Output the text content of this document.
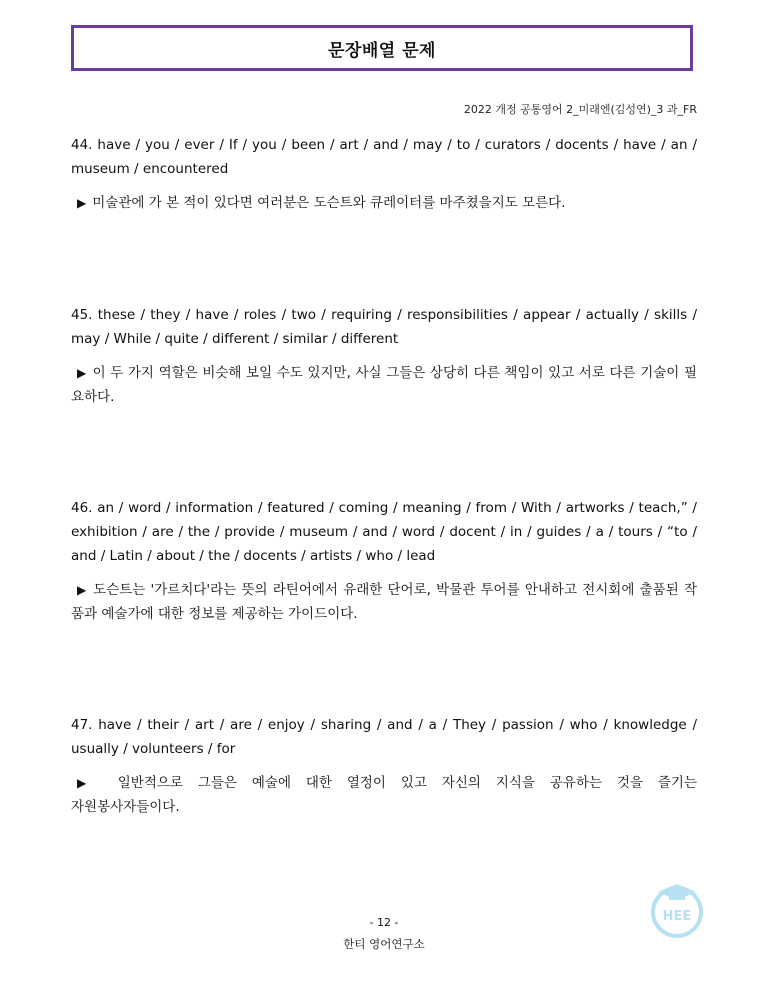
문장배열 문제
2022 개정 공통영어 2_미래엔(김성연)_3 과_FR

44. have / you / ever / If / you / been / art / and / may / to / curators / docents / have / an / museum / encountered

▶ 미술관에 가 본 적이 있다면 여러분은 도슨트와 큐레이터를 마주쳤을지도 모른다.

45. these / they / have / roles / two / requiring / responsibilities / appear / actually / skills / may / While / quite / different / similar / different

▶ 이 두 가지 역할은 비슷해 보일 수도 있지만, 사실 그들은 상당히 다른 책임이 있고 서로 다른 기술이 필요하다.

46. an / word / information / featured / coming / meaning / from / With / artworks / teach,” / exhibition / are / the / provide / museum / and / word / docent / in / guides / a / tours / “to / and / Latin / about / the / docents / artists / who / lead

▶ 도슨트는 '가르치다'라는 뜻의 라틴어에서 유래한 단어로, 박물관 투어를 안내하고 전시회에 출품된 작품과 예술가에 대한 정보를 제공하는 가이드이다.

47. have / their / art / are / enjoy / sharing / and / a / They / passion / who / knowledge / usually / volunteers / for

▶ 일반적으로 그들은 예술에 대한 열정이 있고 자신의 지식을 공유하는 것을 즐기는

자원봉사자들이다.

HEE
- 12 -
한티 영어연구소
